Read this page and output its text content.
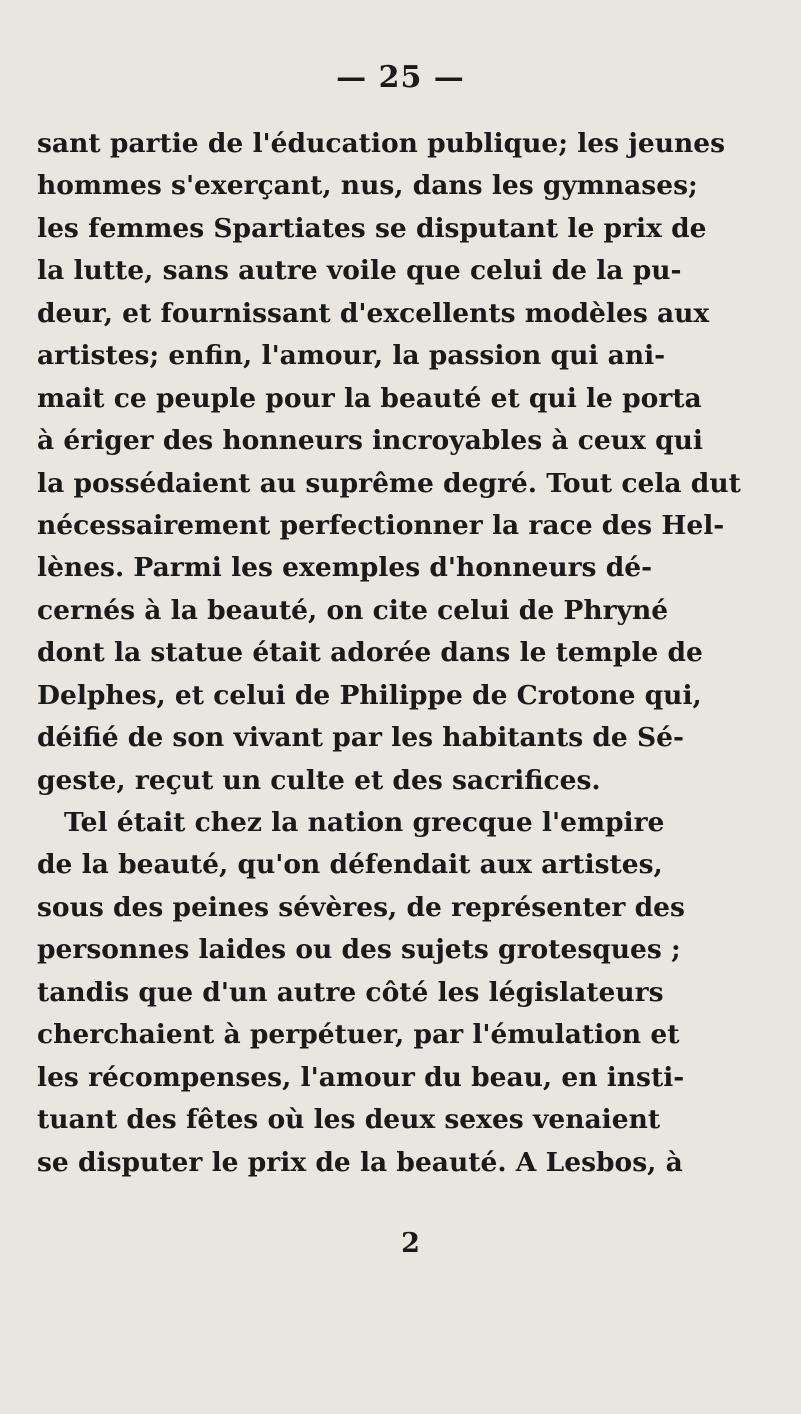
— 25 —
sant partie de l'éducation publique; les jeunes
hommes s'exerçant, nus, dans les gymnases;
les femmes Spartiates se disputant le prix de
la lutte, sans autre voile que celui de la pu-
deur, et fournissant d'excellents modèles aux
artistes; enfin, l'amour, la passion qui ani-
mait ce peuple pour la beauté et qui le porta
à ériger des honneurs incroyables à ceux qui
la possédaient au suprême degré. Tout cela dut
nécessairement perfectionner la race des Hel-
lènes. Parmi les exemples d'honneurs dé-
cernés à la beauté, on cite celui de Phryné
dont la statue était adorée dans le temple de
Delphes, et celui de Philippe de Crotone qui,
déifié de son vivant par les habitants de Sé-
geste, reçut un culte et des sacrifices.
Tel était chez la nation grecque l'empire
de la beauté, qu'on défendait aux artistes,
sous des peines sévères, de représenter des
personnes laides ou des sujets grotesques ;
tandis que d'un autre côté les législateurs
cherchaient à perpétuer, par l'émulation et
les récompenses, l'amour du beau, en insti-
tuant des fêtes où les deux sexes venaient
se disputer le prix de la beauté. A Lesbos, à
2
